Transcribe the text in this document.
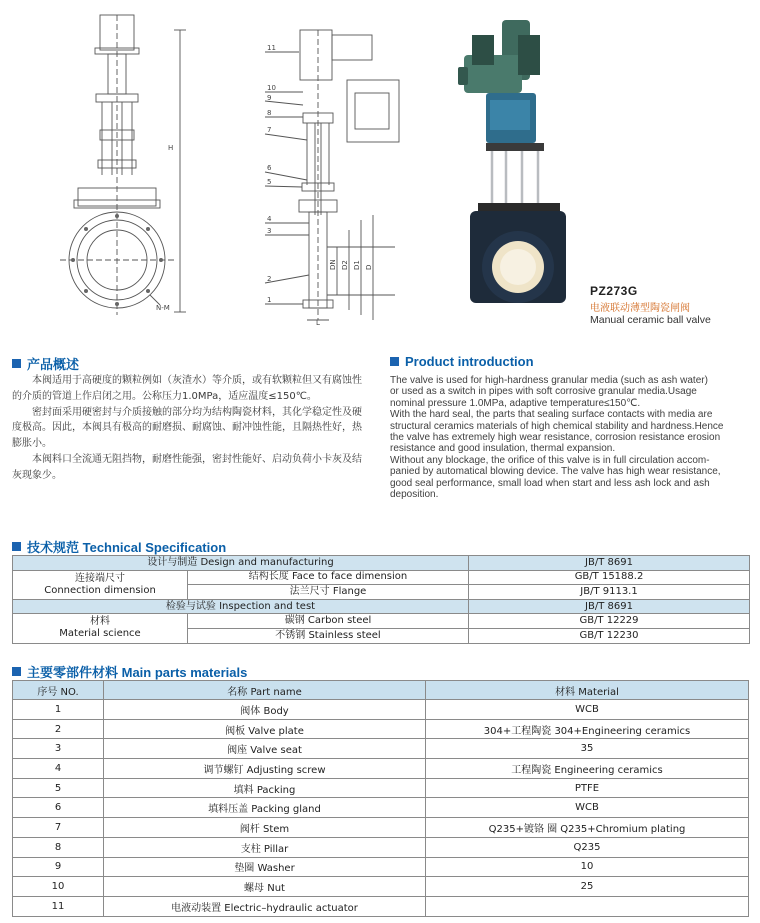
H
N-M
11
10
9
8
7
6
5
4
3
2
1
DN D2 D1 D
L
PZ273G
电液联动薄型陶瓷闸阀
Manual ceramic ball valve
产品概述

本阀适用于高硬度的颗粒例如（灰渣水）等介质，或有软颗粒但又有腐蚀性的介质的管道上作启闭之用。公称压力1.0MPa，适应温度≤150℃。

密封面采用硬密封与介质接触的部分均为结构陶瓷材料，其化学稳定性及硬度极高。因此，本阀具有极高的耐磨损、耐腐蚀、耐冲蚀性能，且隔热性好，热膨胀小。

本阀料口全流通无阻挡物，耐磨性能强，密封性能好、启动负荷小卡灰及结灰现象少。

Product introduction
The valve is used for high-hardness granular media (such as ash water)
or used as a switch in pipes with soft corrosive granular media.Usage
nominal pressure 1.0MPa, adaptive temperature≤150℃.
With the hard seal, the parts that sealing surface contacts with media are
structural ceramics materials of high chemical stability and hardness.Hence
the valve has extremely high wear resistance, corrosion resistance erosion
resistance and good insulation, thermal expansion.
Without any blockage, the orifice of this valve is in full circulation accom-
panied by automatical blowing device. The valve has high wear resistance,
good seal performance, small load when start and less ash lock and ash
deposition.
技术规范 Technical Specification
设计与制造 Design and manufacturing		JB/T 8691

连接端尺寸
Connection dimension	结构长度 Face to face dimension	GB/T 15188.2
	法兰尺寸 Flange	JB/T 9113.1
检验与试验 Inspection and test		JB/T 8691

材料
Material science	碳钢 Carbon steel	GB/T 12229
	不锈钢 Stainless steel	GB/T 12230
主要零部件材料 Main parts materials
序号 NO.	名称 Part name	材料 Material
1	阀体 Body	WCB
2	阀板 Valve plate	304+工程陶瓷 304+Engineering ceramics
3	阀座 Valve seat	35
4	调节螺钉 Adjusting screw	工程陶瓷 Engineering ceramics
5	填料 Packing	PTFE
6	填料压盖 Packing gland	WCB
7	阀杆 Stem	Q235+镀铬 圈 Q235+Chromium plating
8	支柱 Pillar	Q235
9	垫圈 Washer	10
10	螺母 Nut	25
11	电液动装置 Electric–hydraulic actuator	
